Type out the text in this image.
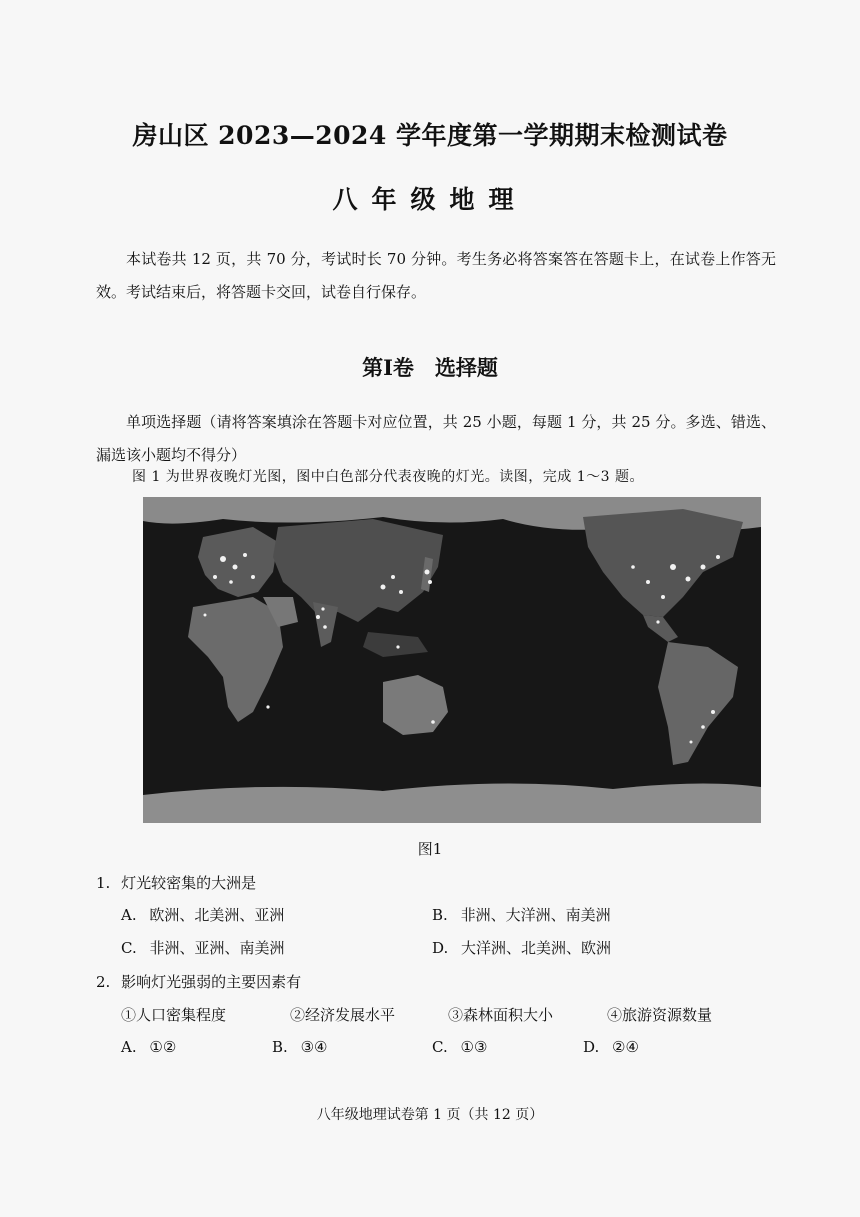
房山区 2023—2024 学年度第一学期期末检测试卷
八年级地理
本试卷共 12 页，共 70 分，考试时长 70 分钟。考生务必将答案答在答题卡上，在试卷上作答无效。考试结束后，将答题卡交回，试卷自行保存。
第Ⅰ卷　选择题
单项选择题（请将答案填涂在答题卡对应位置，共 25 小题，每题 1 分，共 25 分。多选、错选、漏选该小题均不得分）
图 1 为世界夜晚灯光图，图中白色部分代表夜晚的灯光。读图，完成 1～3 题。
图1
1. 灯光较密集的大洲是
A. 欧洲、北美洲、亚洲	B. 非洲、大洋洲、南美洲
C. 非洲、亚洲、南美洲	D. 大洋洲、北美洲、欧洲
2. 影响灯光强弱的主要因素有
①人口密集程度	②经济发展水平	③森林面积大小	④旅游资源数量
A. ①②	B. ③④	C. ①③	D. ②④
八年级地理试卷第 1 页（共 12 页）
